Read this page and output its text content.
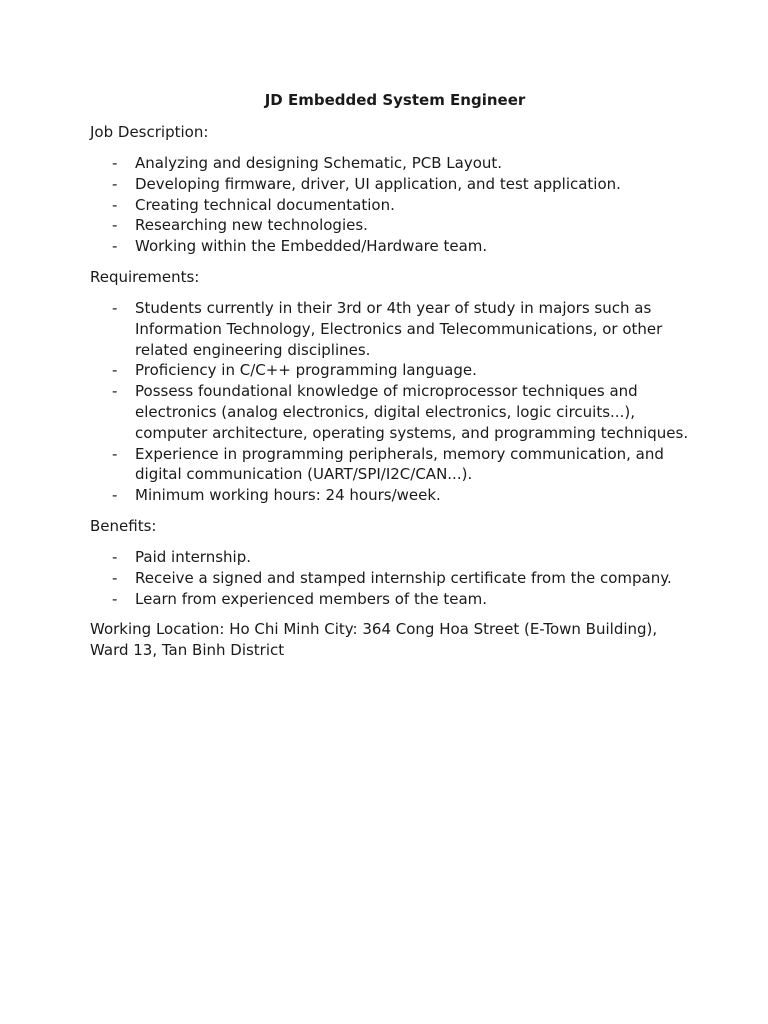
JD Embedded System Engineer
Job Description:
- Analyzing and designing Schematic, PCB Layout.
- Developing firmware, driver, UI application, and test application.
- Creating technical documentation.
- Researching new technologies.
- Working within the Embedded/Hardware team.
Requirements:
- Students currently in their 3rd or 4th year of study in majors such as Information Technology, Electronics and Telecommunications, or other related engineering disciplines.
- Proficiency in C/C++ programming language.
- Possess foundational knowledge of microprocessor techniques and electronics (analog electronics, digital electronics, logic circuits...), computer architecture, operating systems, and programming techniques.
- Experience in programming peripherals, memory communication, and digital communication (UART/SPI/I2C/CAN...).
- Minimum working hours: 24 hours/week.
Benefits:
- Paid internship.
- Receive a signed and stamped internship certificate from the company.
- Learn from experienced members of the team.

Working Location: Ho Chi Minh City: 364 Cong Hoa Street (E-Town Building), Ward 13, Tan Binh District
